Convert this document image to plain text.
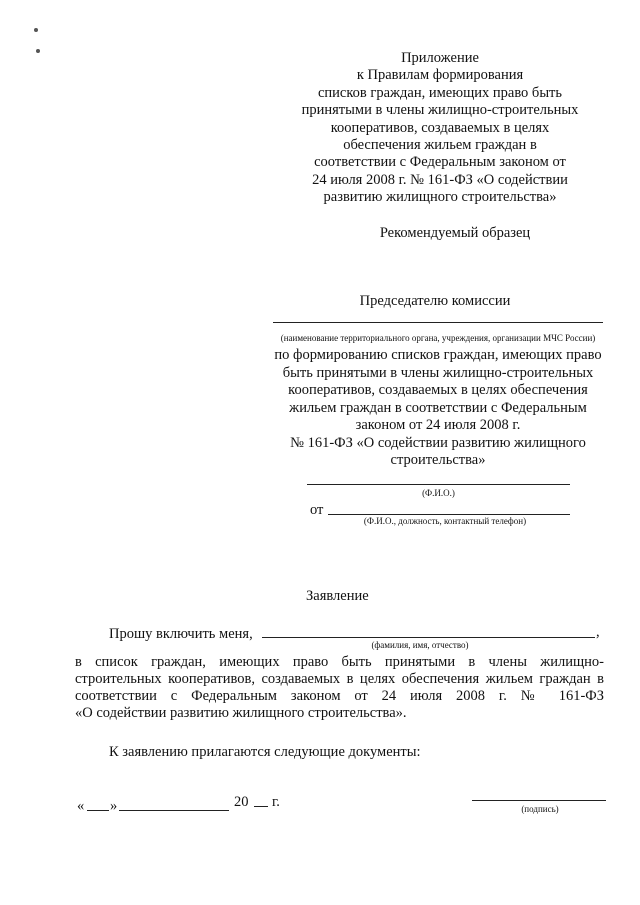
Приложение
к Правилам формирования
списков граждан, имеющих право быть
принятыми в члены жилищно-строительных
кооперативов, создаваемых в целях
обеспечения жильем граждан в
соответствии с Федеральным законом от
24 июля 2008 г. № 161-ФЗ «О содействии
развитию жилищного строительства»
Рекомендуемый образец
Председателю комиссии
(наименование территориального органа, учреждения, организации МЧС России)
по формированию списков граждан, имеющих право
быть принятыми в члены жилищно-строительных
кооперативов, создаваемых в целях обеспечения
жильем граждан в соответствии с Федеральным
законом от 24 июля 2008 г.
№ 161-ФЗ «О содействии развитию жилищного
строительства»
(Ф.И.О.)
от
(Ф.И.О., должность, контактный телефон)
Заявление
Прошу включить меня,	,
(фамилия, имя, отчество)
в список граждан, имеющих право быть принятыми в члены жилищно-
строительных кооперативов, создаваемых в целях обеспечения жильем граждан в
соответствии с Федеральным законом от 24 июля 2008 г. № 161-ФЗ
«О содействии развитию жилищного строительства».
К заявлению прилагаются следующие документы:
« »	20 г.	(подпись)
